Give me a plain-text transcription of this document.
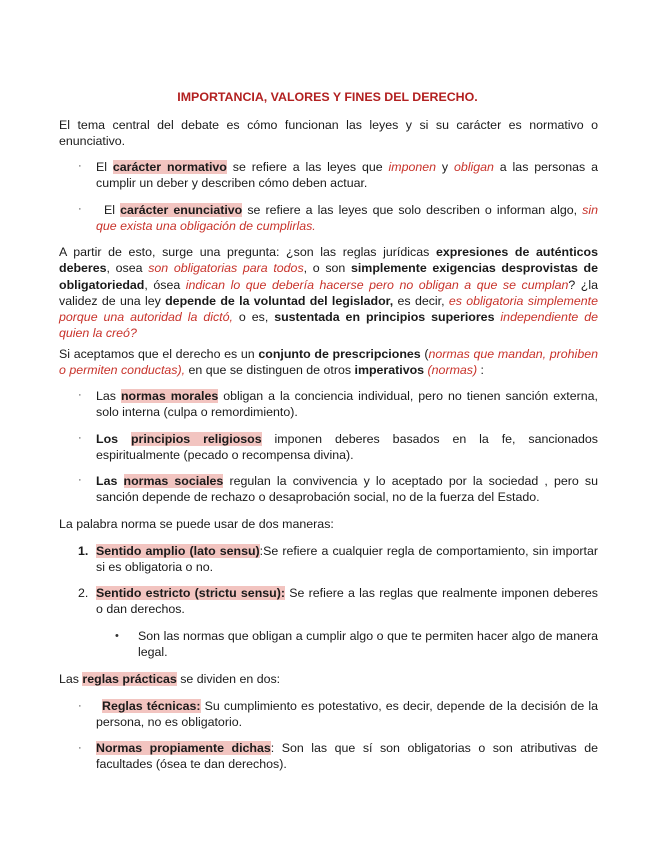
IMPORTANCIA, VALORES Y FINES DEL DERECHO.
El tema central del debate es cómo funcionan las leyes y si su carácter es normativo o enunciativo.
· El carácter normativo se refiere a las leyes que imponen y obligan a las personas a cumplir un deber y describen cómo deben actuar.
·	El carácter enunciativo se refiere a las leyes que solo describen o informan algo, sin que exista una obligación de cumplirlas.
A partir de esto, surge una pregunta: ¿son las reglas jurídicas expresiones de auténticos deberes, osea son obligatorias para todos, o son simplemente exigencias desprovistas de obligatoriedad, ósea indican lo que debería hacerse pero no obligan a que se cumplan? ¿la validez de una ley depende de la voluntad del legislador, es decir, es obligatoria simplemente porque una autoridad la dictó, o es, sustentada en principios superiores independiente de quien la creó?
Si aceptamos que el derecho es un conjunto de prescripciones (normas que mandan, prohiben o permiten conductas), en que se distinguen de otros imperativos (normas) :
· Las normas morales obligan a la conciencia individual, pero no tienen sanción externa, solo interna (culpa o remordimiento).
· Los principios religiosos imponen deberes basados en la fe, sancionados espiritualmente (pecado o recompensa divina).
· Las normas sociales regulan la convivencia y lo aceptado por la sociedad , pero su sanción depende de rechazo o desaprobación social, no de la fuerza del Estado.
La palabra norma se puede usar de dos maneras:
1. Sentido amplio (lato sensu):Se refiere a cualquier regla de comportamiento, sin importar si es obligatoria o no.
2. Sentido estricto (strictu sensu): Se refiere a las reglas que realmente imponen deberes o dan derechos.
• Son las normas que obligan a cumplir algo o que te permiten hacer algo de manera legal.
Las reglas prácticas se dividen en dos:
·	Reglas técnicas: Su cumplimiento es potestativo, es decir, depende de la decisión de la persona, no es obligatorio.
· Normas propiamente dichas: Son las que sí son obligatorias o son atributivas de facultades (ósea te dan derechos).
